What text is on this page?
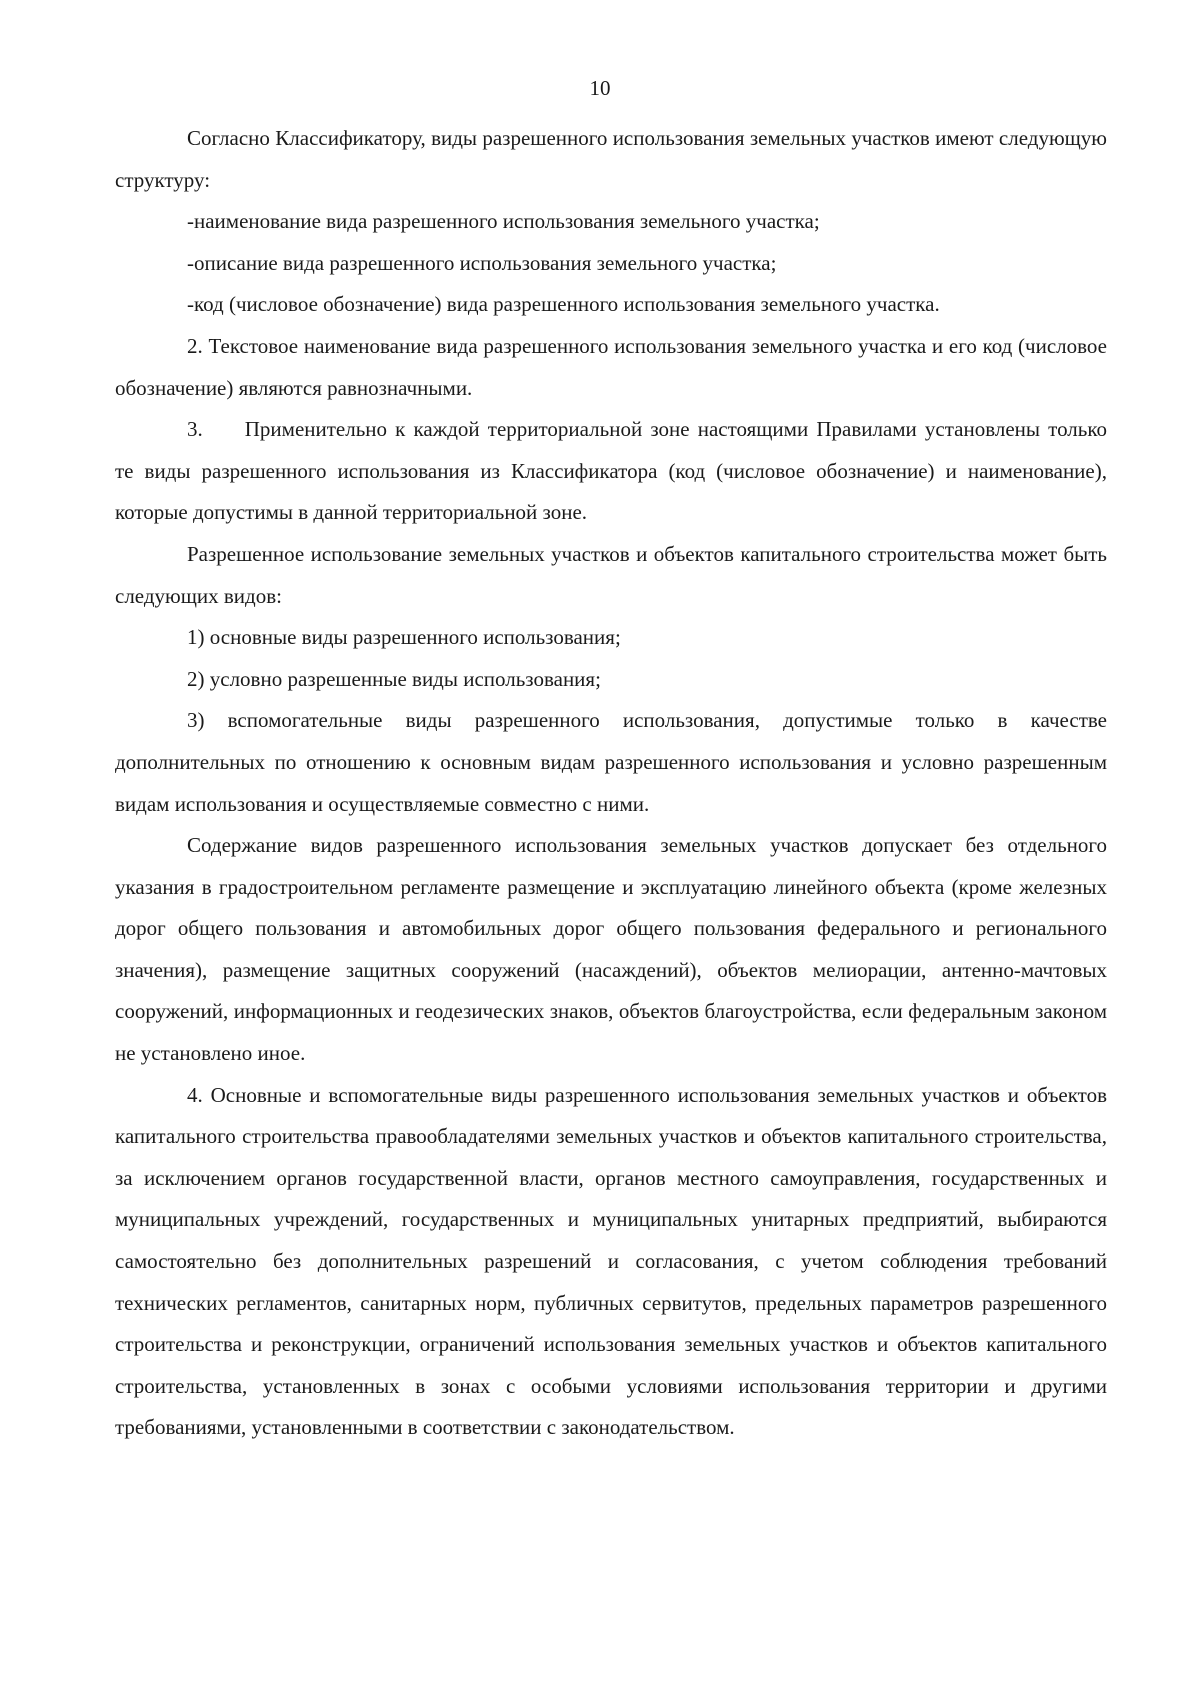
10

Согласно Классификатору, виды разрешенного использования земельных участков имеют следующую структуру:

‑наименование вида разрешенного использования земельного участка;

‑описание вида разрешенного использования земельного участка;

‑код (числовое обозначение) вида разрешенного использования земельного участка.

2. Текстовое наименование вида разрешенного использования земельного участка и его код (числовое обозначение) являются равнозначными.

3.  Применительно к каждой территориальной зоне настоящими Правилами установлены только те виды разрешенного использования из Классификатора (код (числовое обозначение) и наименование), которые допустимы в данной территориальной зоне.

Разрешенное использование земельных участков и объектов капитального строительства может быть следующих видов:

1) основные виды разрешенного использования;

2) условно разрешенные виды использования;

3) вспомогательные виды разрешенного использования, допустимые только в качестве дополнительных по отношению к основным видам разрешенного использования и условно разрешенным видам использования и осуществляемые совместно с ними.

Содержание видов разрешенного использования земельных участков допускает без отдельного указания в градостроительном регламенте размещение и эксплуатацию линейного объекта (кроме железных дорог общего пользования и автомобильных дорог общего пользования федерального и регионального значения), размещение защитных сооружений (насаждений), объектов мелиорации, антенно-мачтовых сооружений, информационных и геодезических знаков, объектов благоустройства, если федеральным законом не установлено иное.

4. Основные и вспомогательные виды разрешенного использования земельных участков и объектов капитального строительства правообладателями земельных участков и объектов капитального строительства, за исключением органов государственной власти, органов местного самоуправления, государственных и муниципальных учреждений, государственных и муниципальных унитарных предприятий, выбираются самостоятельно без дополнительных разрешений и согласования, с учетом соблюдения требований технических регламентов, санитарных норм, публичных сервитутов, предельных параметров разрешенного строительства и реконструкции, ограничений использования земельных участков и объектов капитального строительства, установленных в зонах с особыми условиями использования территории и другими требованиями, установленными в соответствии с законодательством.
